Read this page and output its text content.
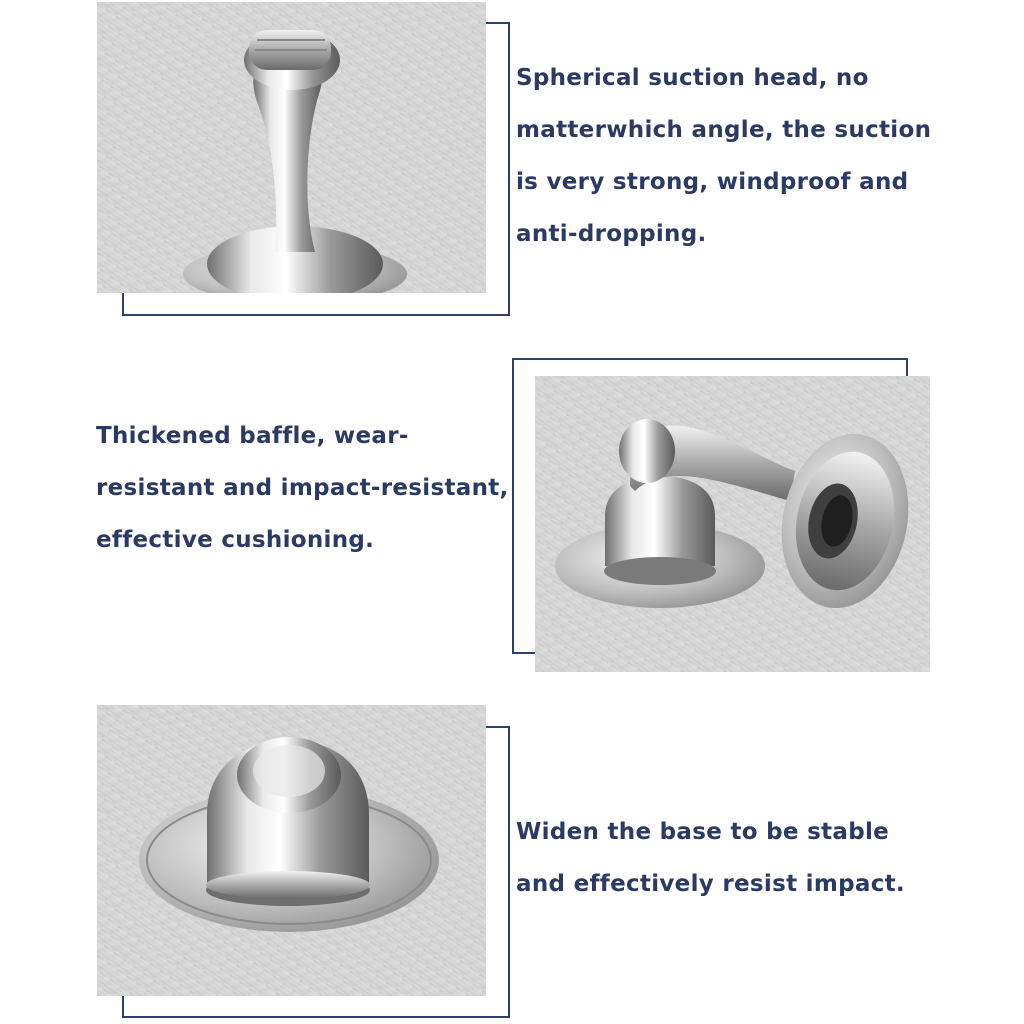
Spherical suction head, no
matterwhich angle, the suction
is very strong, windproof and
anti-dropping.

Thickened baffle, wear-
resistant and impact-resistant,
effective cushioning.

Widen the base to be stable
and effectively resist impact.
